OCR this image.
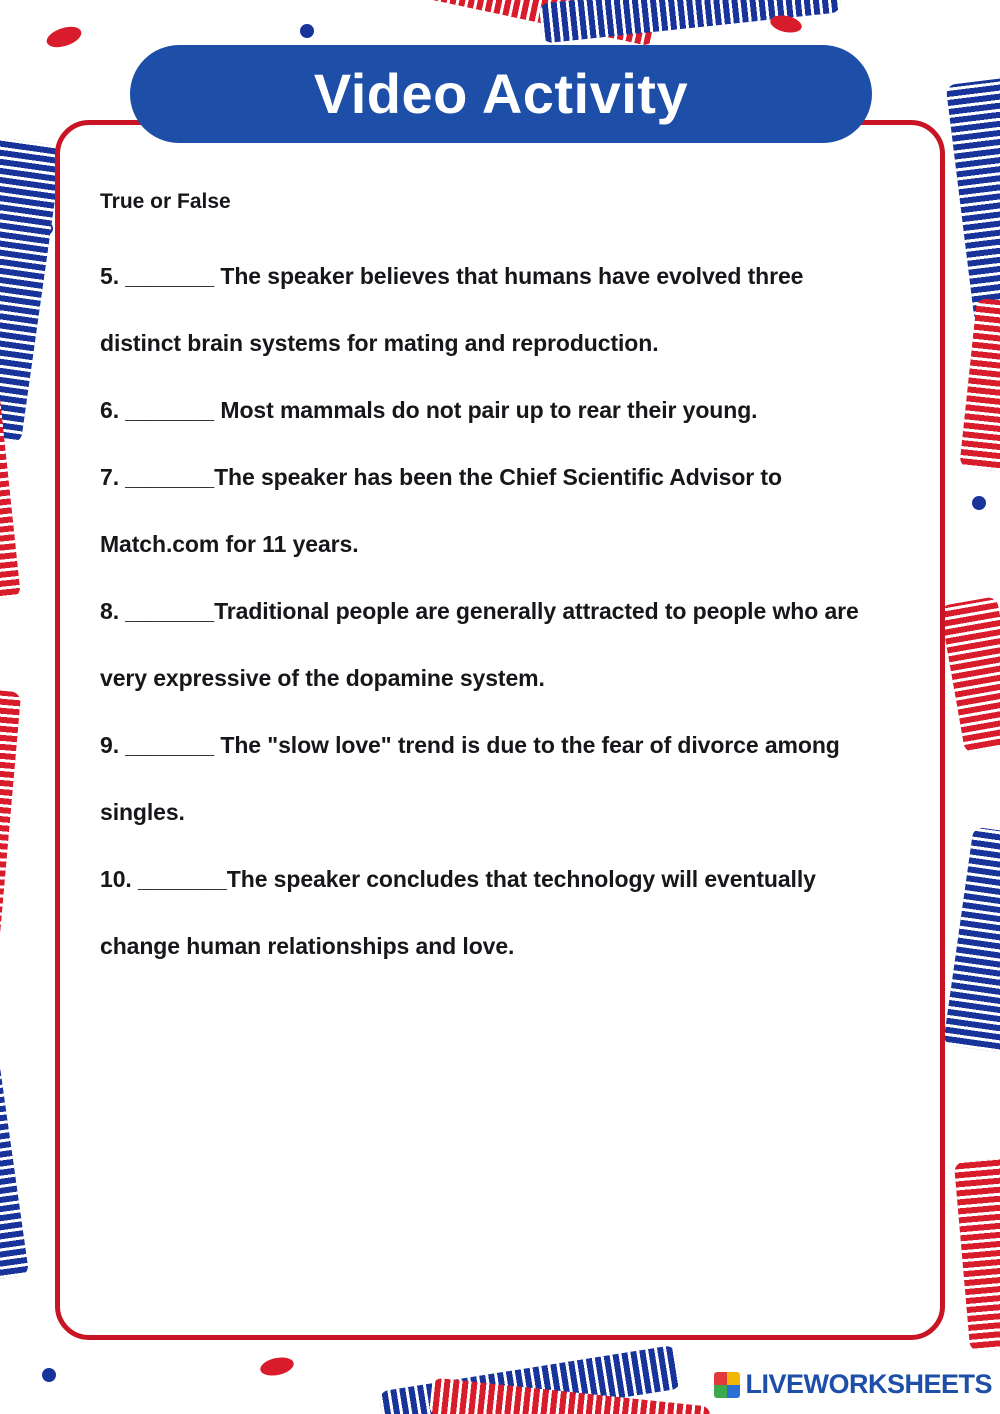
Video Activity
True or False

5. _______ The speaker believes that humans have evolved three distinct brain systems for mating and reproduction.

6. _______ Most mammals do not pair up to rear their young.

7. _______The speaker has been the Chief Scientific Advisor to Match.com for 11 years.

8. _______Traditional people are generally attracted to people who are very expressive of the dopamine system.

9. _______ The "slow love" trend is due to the fear of divorce among singles.

10. _______The speaker concludes that technology will eventually change human relationships and love.

LIVEWORKSHEETS
